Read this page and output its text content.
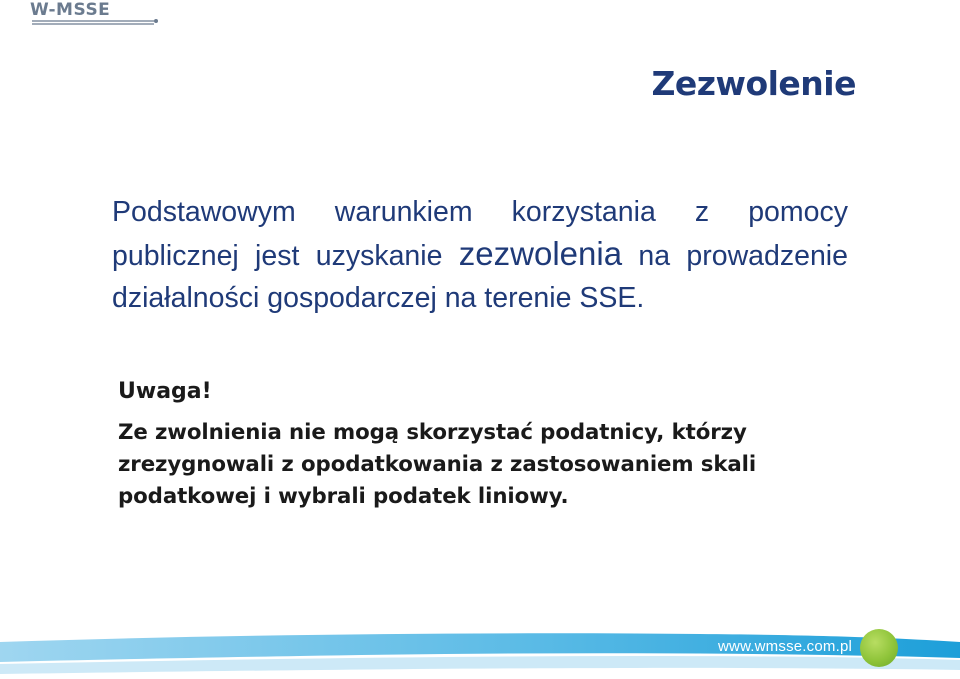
W-MSSE
Zezwolenie

Podstawowym warunkiem korzystania z pomocy publicznej jest uzyskanie zezwolenia na prowadzenie działalności gospodarczej na terenie SSE.

Uwaga!
Ze zwolnienia nie mogą skorzystać podatnicy, którzy zrezygnowali z opodatkowania z zastosowaniem skali podatkowej i wybrali podatek liniowy.
www.wmsse.com.pl
